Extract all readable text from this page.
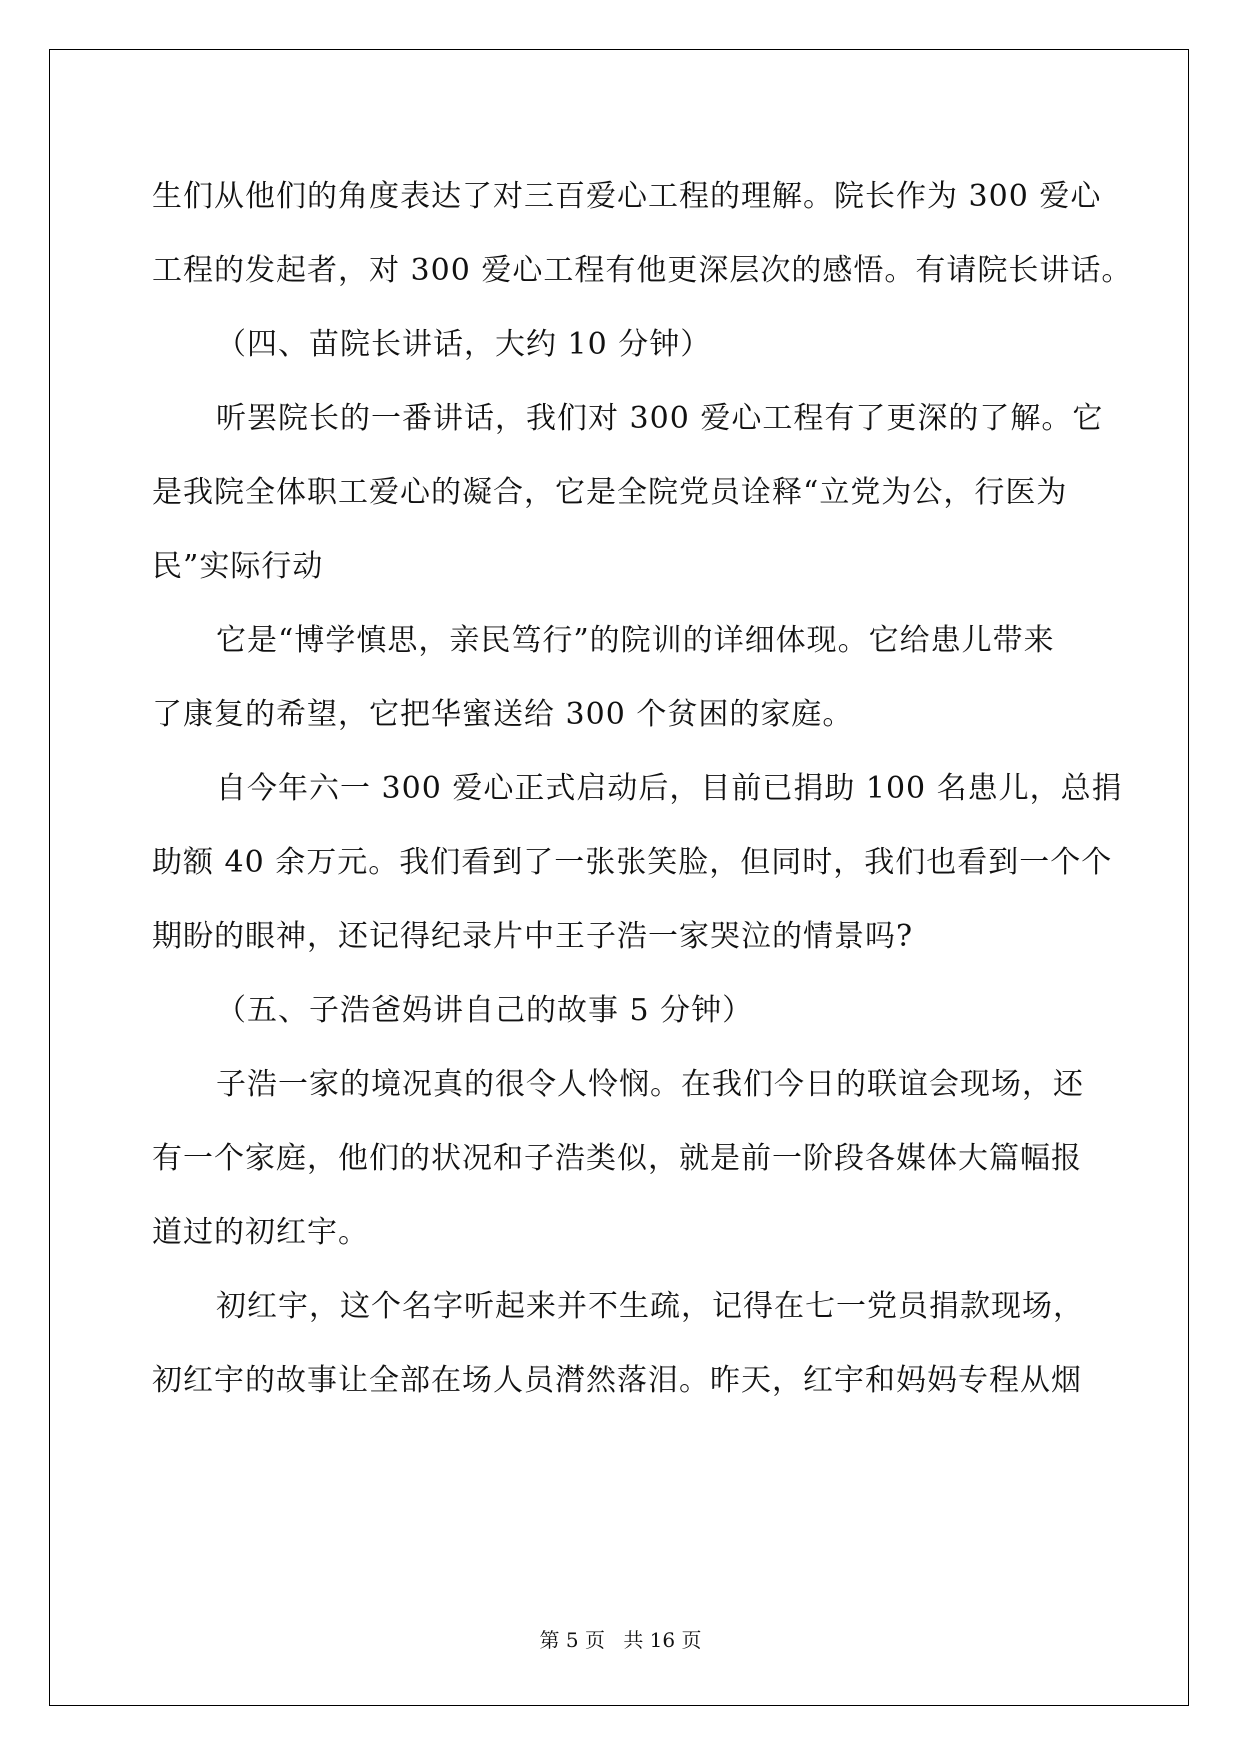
生们从他们的角度表达了对三百爱心工程的理解。院长作为 300 爱心
工程的发起者，对 300 爱心工程有他更深层次的感悟。有请院长讲话。
（四、苗院长讲话，大约 10 分钟）
听罢院长的一番讲话，我们对 300 爱心工程有了更深的了解。它
是我院全体职工爱心的凝合，它是全院党员诠释“立党为公，行医为
民”实际行动
它是“博学慎思，亲民笃行”的院训的详细体现。它给患儿带来
了康复的希望，它把华蜜送给 300 个贫困的家庭。
自今年六一 300 爱心正式启动后，目前已捐助 100 名患儿，总捐
助额 40 余万元。我们看到了一张张笑脸，但同时，我们也看到一个个
期盼的眼神，还记得纪录片中王子浩一家哭泣的情景吗?
（五、子浩爸妈讲自己的故事 5 分钟）
子浩一家的境况真的很令人怜悯。在我们今日的联谊会现场，还
有一个家庭，他们的状况和子浩类似，就是前一阶段各媒体大篇幅报
道过的初红宇。
初红宇，这个名字听起来并不生疏，记得在七一党员捐款现场，
初红宇的故事让全部在场人员潸然落泪。昨天，红宇和妈妈专程从烟
第 5 页 共 16 页
